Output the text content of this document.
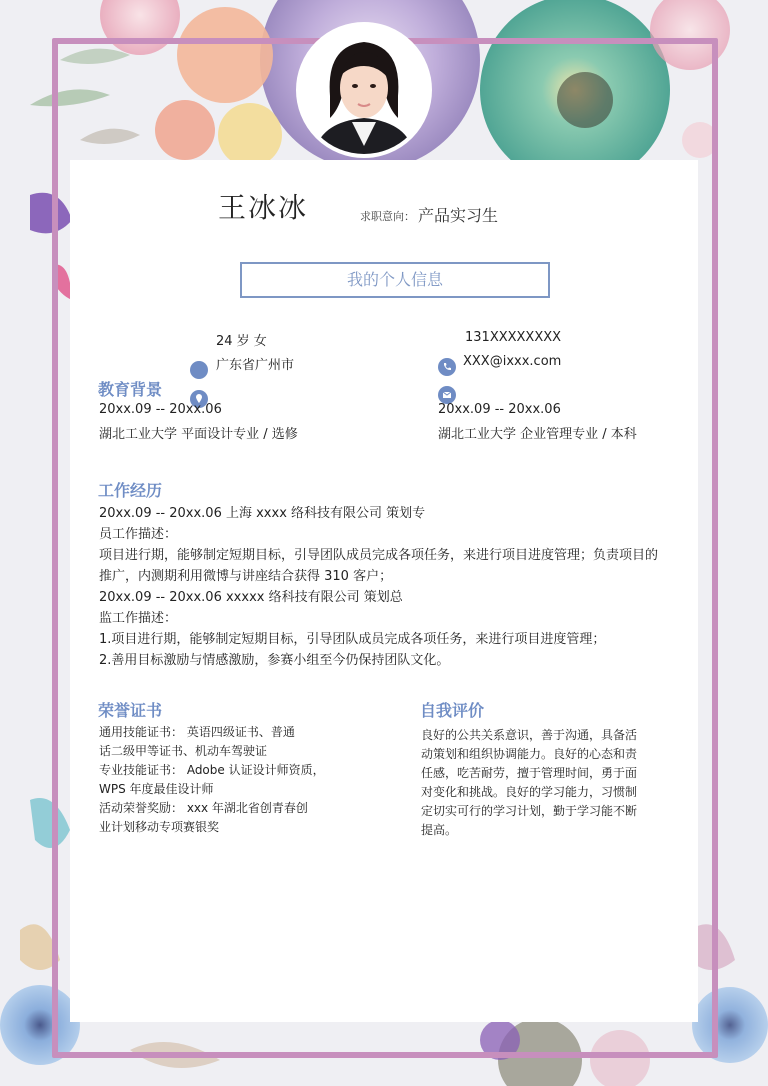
王冰冰	求职意向： 产品实习生
我的个人信息
24 岁 女
广东省广州市
131XXXXXXXX
XXX@ixxx.com
教育背景
20xx.09 -- 20xx.06
湖北工业大学 平面设计专业 / 选修
20xx.09 -- 20xx.06
湖北工业大学 企业管理专业 / 本科
工作经历
20xx.09 -- 20xx.06 上海 xxxx 络科技有限公司 策划专
员工作描述：
项目进行期，能够制定短期目标，引导团队成员完成各项任务，来进行项目进度管理；负责项目的
推广，内测期利用微博与讲座结合获得 310 客户；
20xx.09 -- 20xx.06 xxxxx 络科技有限公司 策划总
监工作描述：
1.项目进行期，能够制定短期目标，引导团队成员完成各项任务，来进行项目进度管理；
2.善用目标激励与情感激励，参赛小组至今仍保持团队文化。
荣誉证书
通用技能证书： 英语四级证书、普通
话二级甲等证书、机动车驾驶证
专业技能证书： Adobe 认证设计师资质，
WPS 年度最佳设计师
活动荣誉奖励： xxx 年湖北省创青春创
业计划移动专项赛银奖
自我评价
良好的公共关系意识，善于沟通，具备活
动策划和组织协调能力。良好的心态和责
任感，吃苦耐劳，擅于管理时间，勇于面
对变化和挑战。良好的学习能力，习惯制
定切实可行的学习计划，勤于学习能不断
提高。
